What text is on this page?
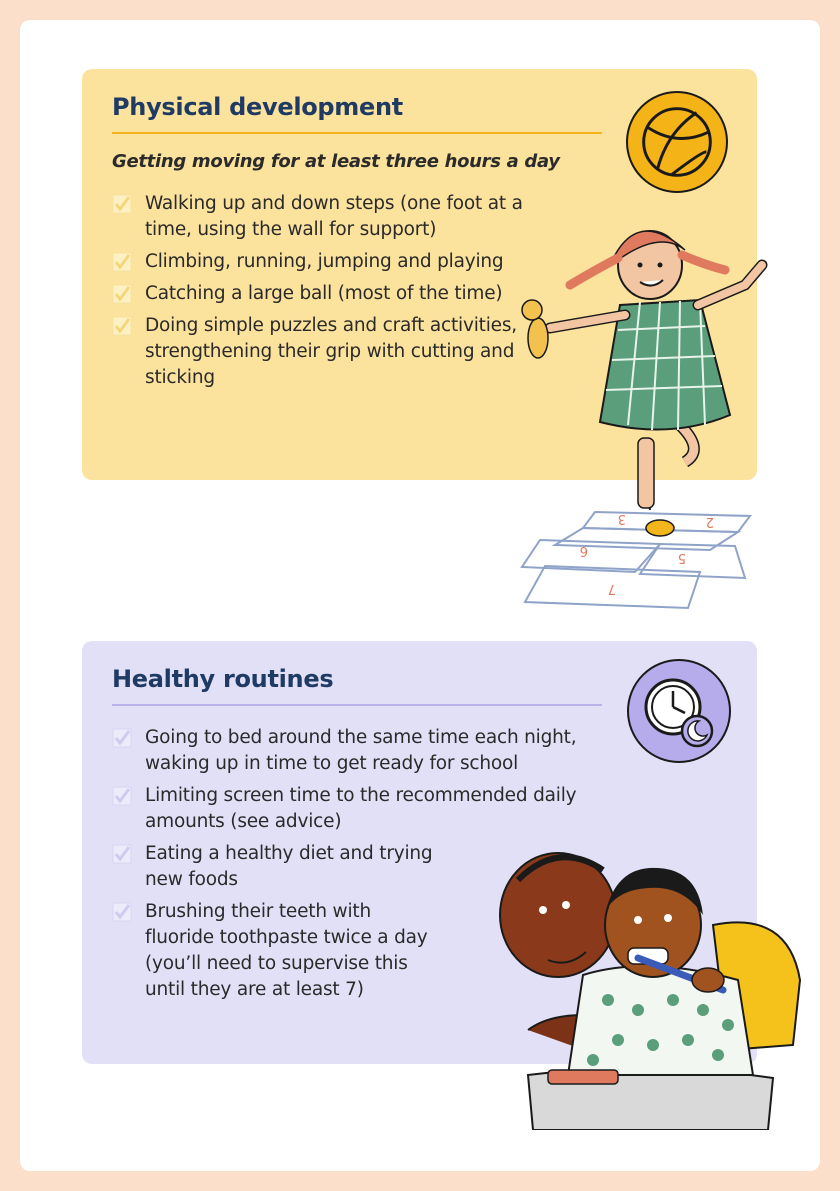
Physical development

Getting moving for at least three hours a day

Walking up and down steps (one foot at a time, using the wall for support)
Climbing, running, jumping and playing
Catching a large ball (most of the time)
Doing simple puzzles and craft activities, strengthening their grip with cutting and sticking
3	2
6	5
7
Healthy routines
Going to bed around the same time each night, waking up in time to get ready for school
Limiting screen time to the recommended daily amounts (see advice)
Eating a healthy diet and trying new foods
Brushing their teeth with fluoride toothpaste twice a day (you’ll need to supervise this until they are at least 7)
